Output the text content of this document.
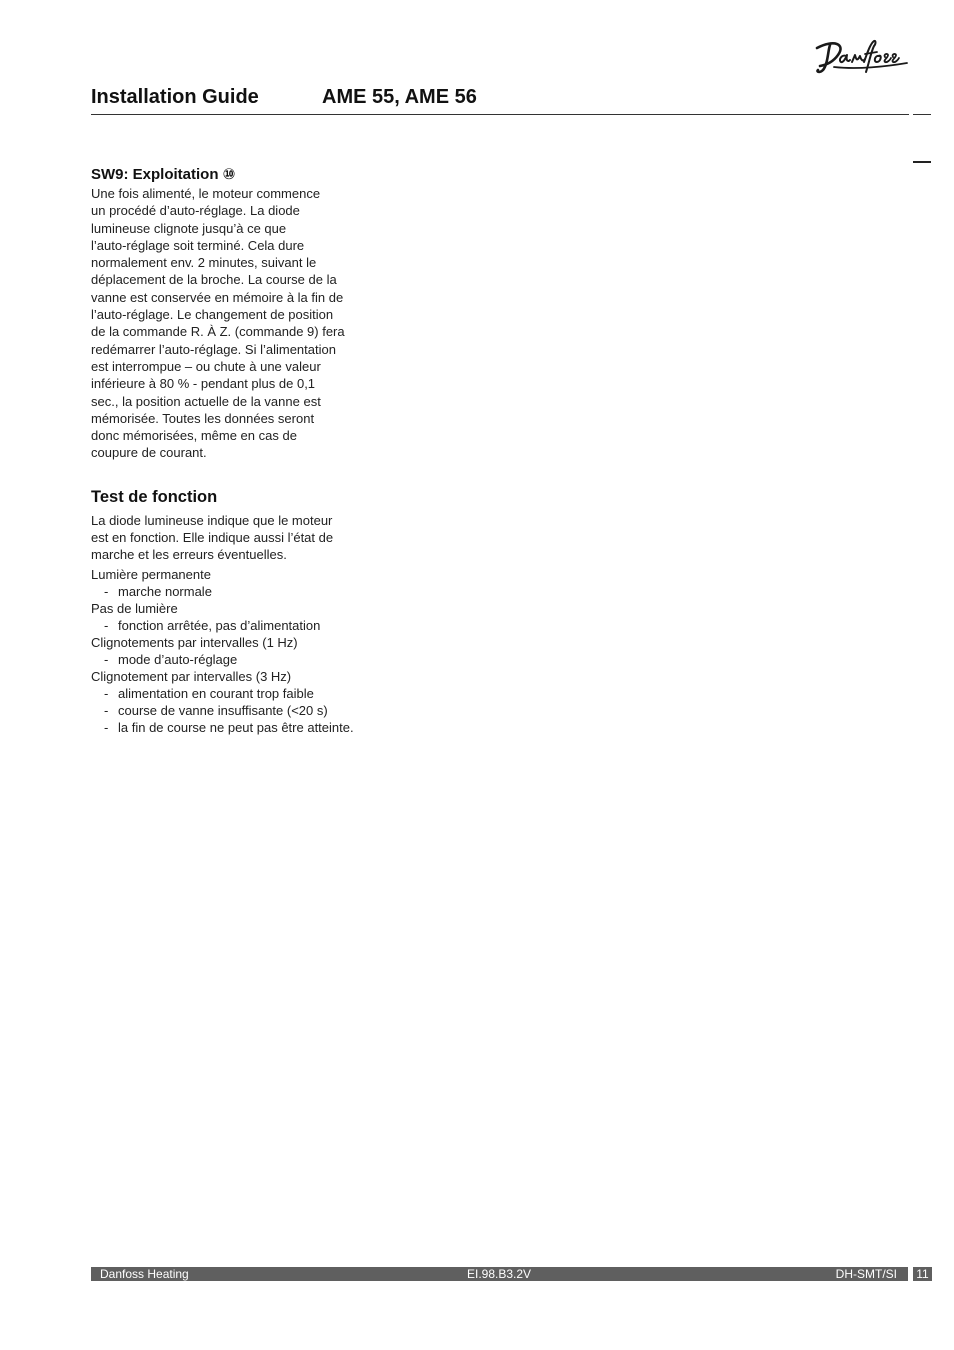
Installation Guide	AME 55, AME 56
SW9: Exploitation ⑩
Une fois alimenté, le moteur commence
un procédé d’auto-réglage. La diode
lumineuse clignote jusqu’à ce que
l’auto-réglage soit terminé. Cela dure
normalement env. 2 minutes, suivant le
déplacement de la broche. La course de la
vanne est conservée en mémoire à la fin de
l’auto-réglage. Le changement de position
de la commande R. À Z. (commande 9) fera
redémarrer l’auto-réglage. Si l’alimentation
est interrompue – ou chute à une valeur
inférieure à 80 % - pendant plus de 0,1
sec., la position actuelle de la vanne est
mémorisée. Toutes les données seront
donc mémorisées, même en cas de
coupure de courant.
Test de fonction
La diode lumineuse indique que le moteur
est en fonction. Elle indique aussi l’état de
marche et les erreurs éventuelles.
Lumière permanente
- marche normale
Pas de lumière
- fonction arrêtée, pas d’alimentation
Clignotements par intervalles (1 Hz)
- mode d’auto-réglage
Clignotement par intervalles (3 Hz)
- alimentation en courant trop faible
- course de vanne insuffisante (<20 s)
- la fin de course ne peut pas être atteinte.
Danfoss Heating	EI.98.B3.2V	DH-SMT/SI 11
